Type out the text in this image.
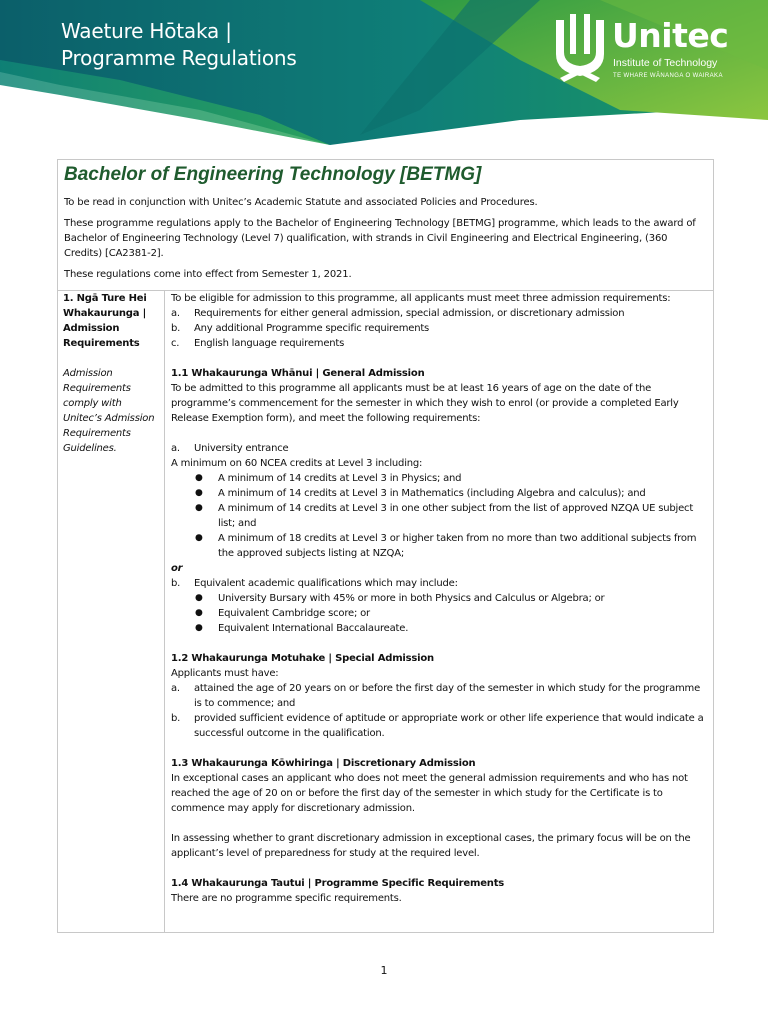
Waeture Hōtaka |
Programme Regulations
Unitec
Institute of Technology
TE WHARE WĀNANGA O WAIRAKA
Bachelor of Engineering Technology [BETMG]

To be read in conjunction with Unitec’s Academic Statute and associated Policies and Procedures.

These programme regulations apply to the Bachelor of Engineering Technology [BETMG] programme, which leads to the award of Bachelor of Engineering Technology (Level 7) qualification, with strands in Civil Engineering and Electrical Engineering, (360 Credits) [CA2381-2].

These regulations come into effect from Semester 1, 2021.

1. Ngā Ture Hei Whakaurunga | Admission Requirements

Admission Requirements comply with Unitec’s Admission Requirements Guidelines.

To be eligible for admission to this programme, all applicants must meet three admission requirements:

a.	Requirements for either general admission, special admission, or discretionary admission
b.	Any additional Programme specific requirements
c.	English language requirements

1.1 Whakaurunga Whānui | General Admission

To be admitted to this programme all applicants must be at least 16 years of age on the date of the programme’s commencement for the semester in which they wish to enrol (or provide a completed Early Release Exemption form), and meet the following requirements:

a.	University entrance

A minimum on 60 NCEA credits at Level 3 including:

●	A minimum of 14 credits at Level 3 in Physics; and
●	A minimum of 14 credits at Level 3 in Mathematics (including Algebra and calculus); and
●	A minimum of 14 credits at Level 3 in one other subject from the list of approved NZQA UE subject list; and
●	A minimum of 18 credits at Level 3 or higher taken from no more than two additional subjects from the approved subjects listing at NZQA;

or

b.	Equivalent academic qualifications which may include:
●	University Bursary with 45% or more in both Physics and Calculus or Algebra; or
●	Equivalent Cambridge score; or
●	Equivalent International Baccalaureate.

1.2 Whakaurunga Motuhake | Special Admission

Applicants must have:

a.	attained the age of 20 years on or before the first day of the semester in which study for the programme is to commence; and
b.	provided sufficient evidence of aptitude or appropriate work or other life experience that would indicate a successful outcome in the qualification.

1.3 Whakaurunga Kōwhiringa | Discretionary Admission

In exceptional cases an applicant who does not meet the general admission requirements and who has not reached the age of 20 on or before the first day of the semester in which study for the Certificate is to commence may apply for discretionary admission.

In assessing whether to grant discretionary admission in exceptional cases, the primary focus will be on the applicant’s level of preparedness for study at the required level.

1.4 Whakaurunga Tautui | Programme Specific Requirements

There are no programme specific requirements.

1
